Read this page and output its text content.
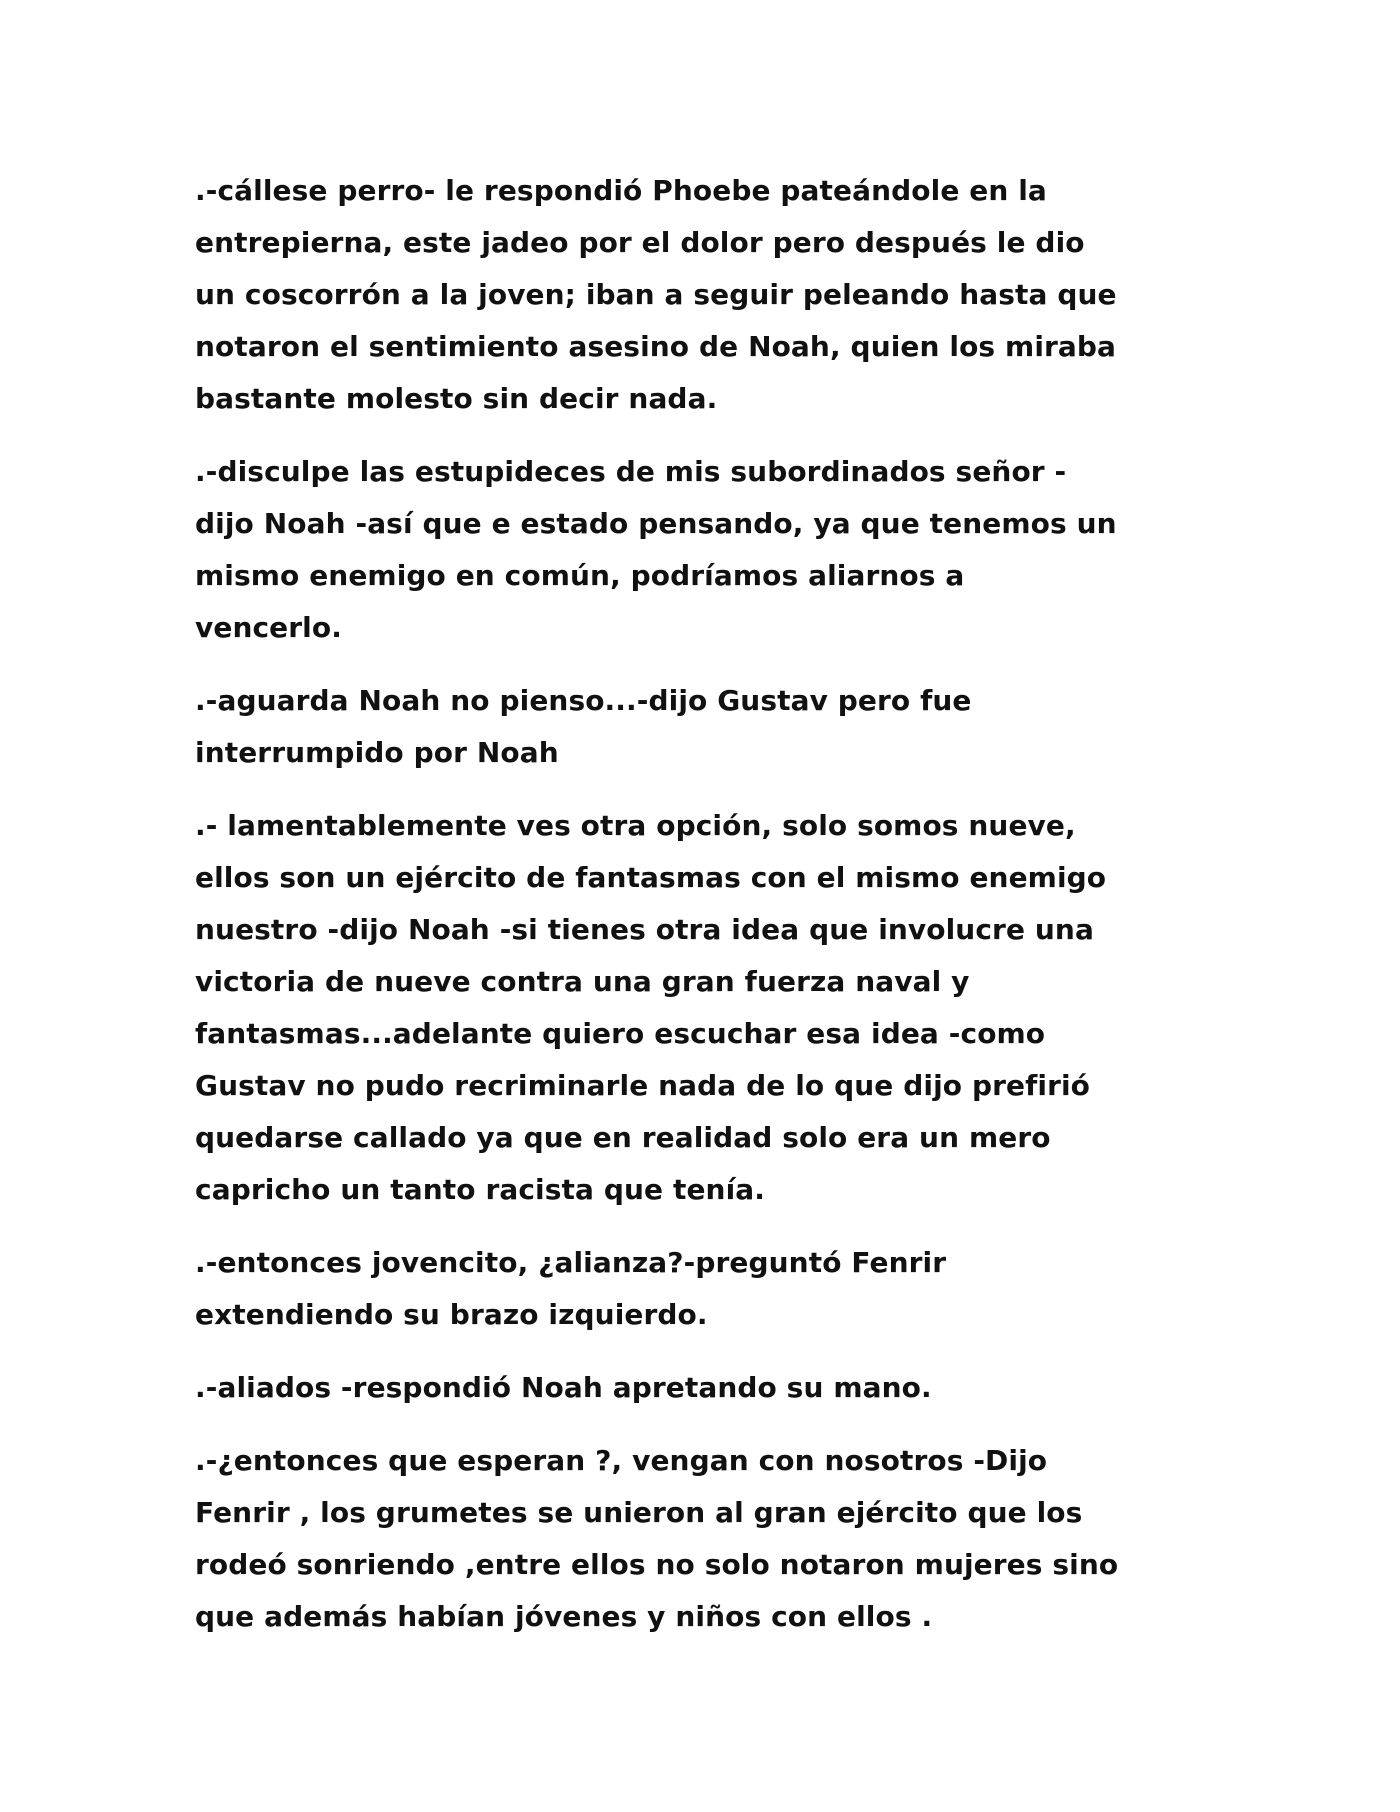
.-cállese perro- le respondió Phoebe pateándole en la
entrepierna, este jadeo por el dolor pero después le dio
un coscorrón a la joven; iban a seguir peleando hasta que
notaron el sentimiento asesino de Noah, quien los miraba
bastante molesto sin decir nada.

.-disculpe las estupideces de mis subordinados señor -
dijo Noah -así que e estado pensando, ya que tenemos un
mismo enemigo en común, podríamos aliarnos a
vencerlo.

.-aguarda Noah no pienso...-dijo Gustav pero fue
interrumpido por Noah

.- lamentablemente ves otra opción, solo somos nueve,
ellos son un ejército de fantasmas con el mismo enemigo
nuestro -dijo Noah -si tienes otra idea que involucre una
victoria de nueve contra una gran fuerza naval y
fantasmas...adelante quiero escuchar esa idea -como
Gustav no pudo recriminarle nada de lo que dijo prefirió
quedarse callado ya que en realidad solo era un mero
capricho un tanto racista que tenía.

.-entonces jovencito, ¿alianza?-preguntó Fenrir
extendiendo su brazo izquierdo.

.-aliados -respondió Noah apretando su mano.

.-¿entonces que esperan ?, vengan con nosotros -Dijo
Fenrir , los grumetes se unieron al gran ejército que los
rodeó sonriendo ,entre ellos no solo notaron mujeres sino
que además habían jóvenes y niños con ellos .
